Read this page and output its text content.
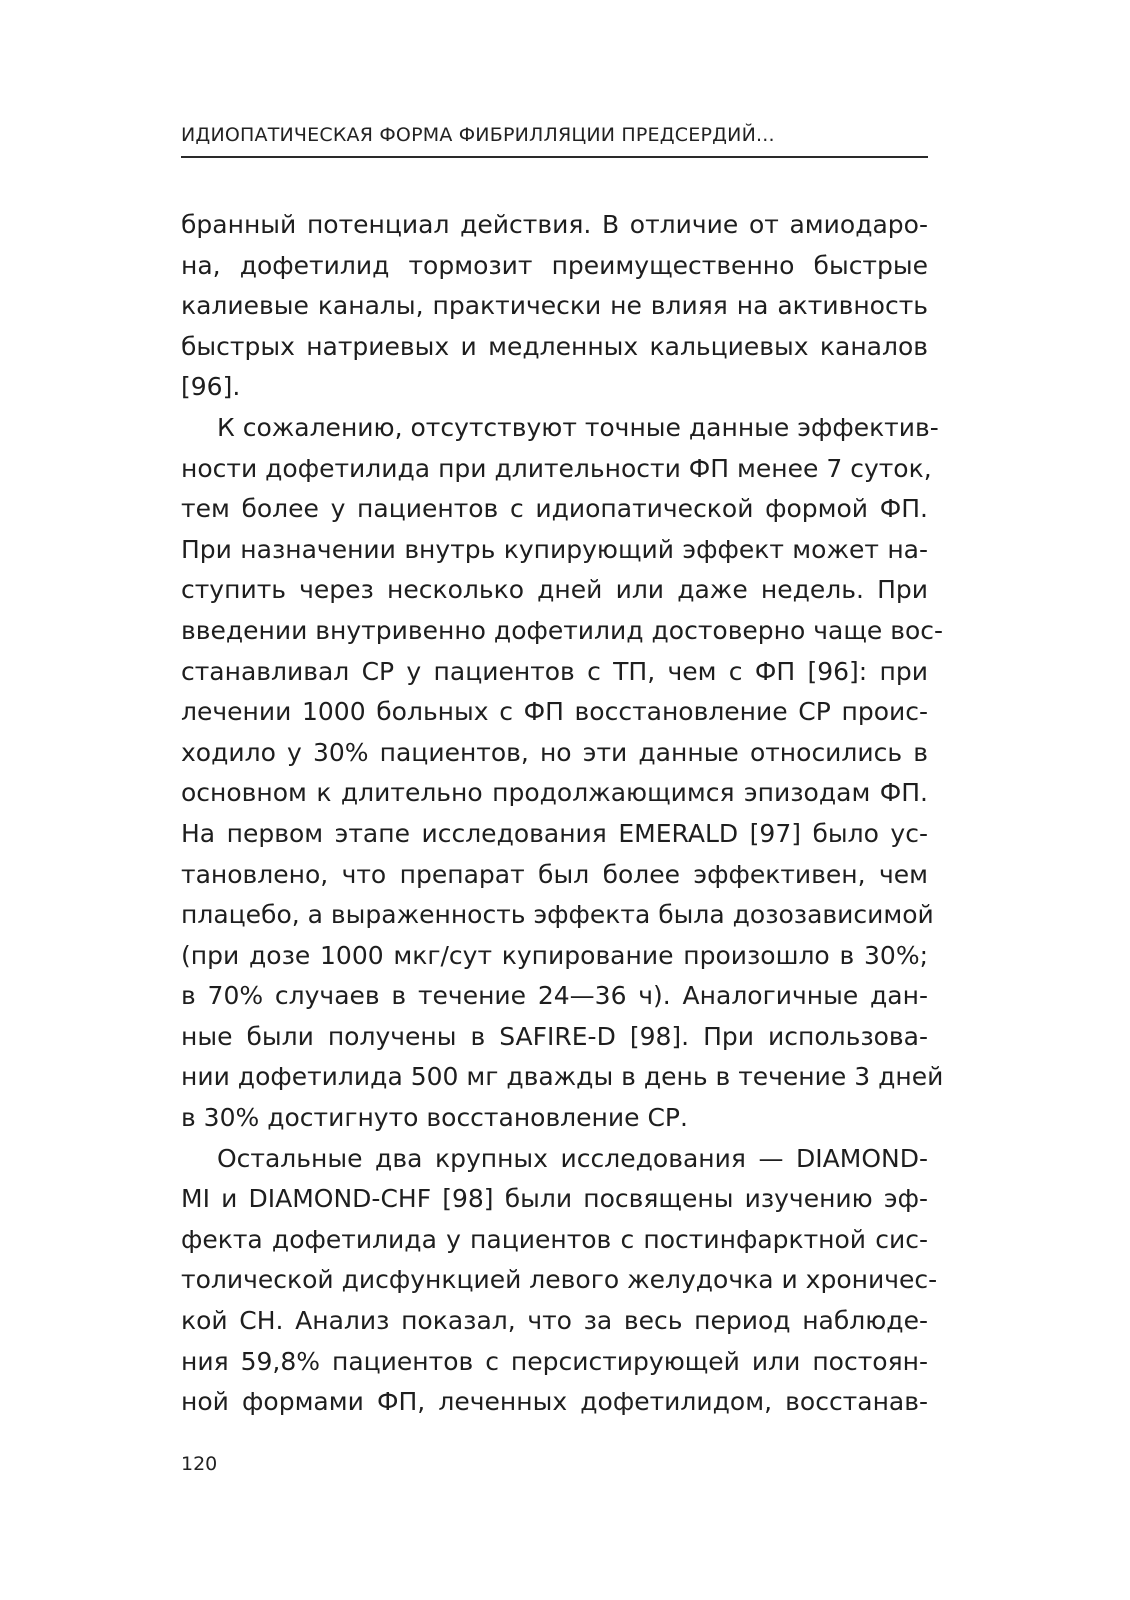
ИДИОПАТИЧЕСКАЯ ФОРМА ФИБРИЛЛЯЦИИ ПРЕДСЕРДИЙ...
бранный потенциал действия. В отличие от амиодаро-
на, дофетилид тормозит преимущественно быстрые
калиевые каналы, практически не влияя на активность
быстрых натриевых и медленных кальциевых каналов
[96].
К сожалению, отсутствуют точные данные эффектив-
ности дофетилида при длительности ФП менее 7 суток,
тем более у пациентов с идиопатической формой ФП.
При назначении внутрь купирующий эффект может на-
ступить через несколько дней или даже недель. При
введении внутривенно дофетилид достоверно чаще вос-
станавливал СР у пациентов с ТП, чем с ФП [96]: при
лечении 1000 больных с ФП восстановление СР проис-
ходило у 30% пациентов, но эти данные относились в
основном к длительно продолжающимся эпизодам ФП.
На первом этапе исследования EMERALD [97] было ус-
тановлено, что препарат был более эффективен, чем
плацебо, а выраженность эффекта была дозозависимой
(при дозе 1000 мкг/сут купирование произошло в 30%;
в 70% случаев в течение 24—36 ч). Аналогичные дан-
ные были получены в SAFIRE-D [98]. При использова-
нии дофетилида 500 мг дважды в день в течение 3 дней
в 30% достигнуто восстановление СР.
Остальные два крупных исследования — DIAMOND-
MI и DIAMOND-CHF [98] были посвящены изучению эф-
фекта дофетилида у пациентов с постинфарктной сис-
толической дисфункцией левого желудочка и хроничес-
кой СН. Анализ показал, что за весь период наблюде-
ния 59,8% пациентов с персистирующей или постоян-
ной формами ФП, леченных дофетилидом, восстанав-
120
